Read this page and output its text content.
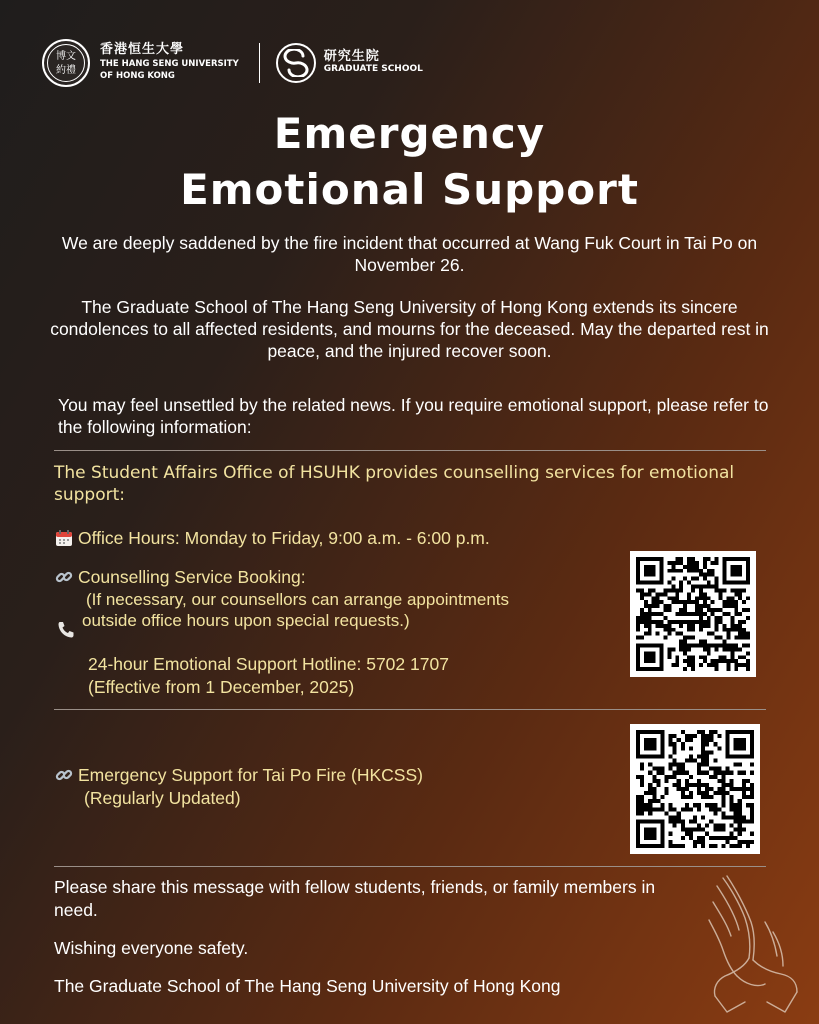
博 文
約 禮
香港恒生大學
THE HANG SENG UNIVERSITY
OF HONG KONG
研究生院
GRADUATE SCHOOL
Emergency
Emotional Support
We are deeply saddened by the fire incident that occurred at Wang Fuk Court in Tai Po on November 26.
The Graduate School of The Hang Seng University of Hong Kong extends its sincere condolences to all affected residents, and mourns for the deceased. May the departed rest in peace, and the injured recover soon.
You may feel unsettled by the related news. If you require emotional support, please refer to the following information:
The Student Affairs Office of HSUHK provides counselling services for emotional support:
Office Hours: Monday to Friday, 9:00 a.m. - 6:00 p.m.
Counselling Service Booking:
(If necessary, our counsellors can arrange appointments
outside office hours upon special requests.)
24-hour Emotional Support Hotline: 5702 1707
(Effective from 1 December, 2025)
Emergency Support for Tai Po Fire (HKCSS)
(Regularly Updated)
Please share this message with fellow students, friends, or family members in need.
Wishing everyone safety.
The Graduate School of The Hang Seng University of Hong Kong
